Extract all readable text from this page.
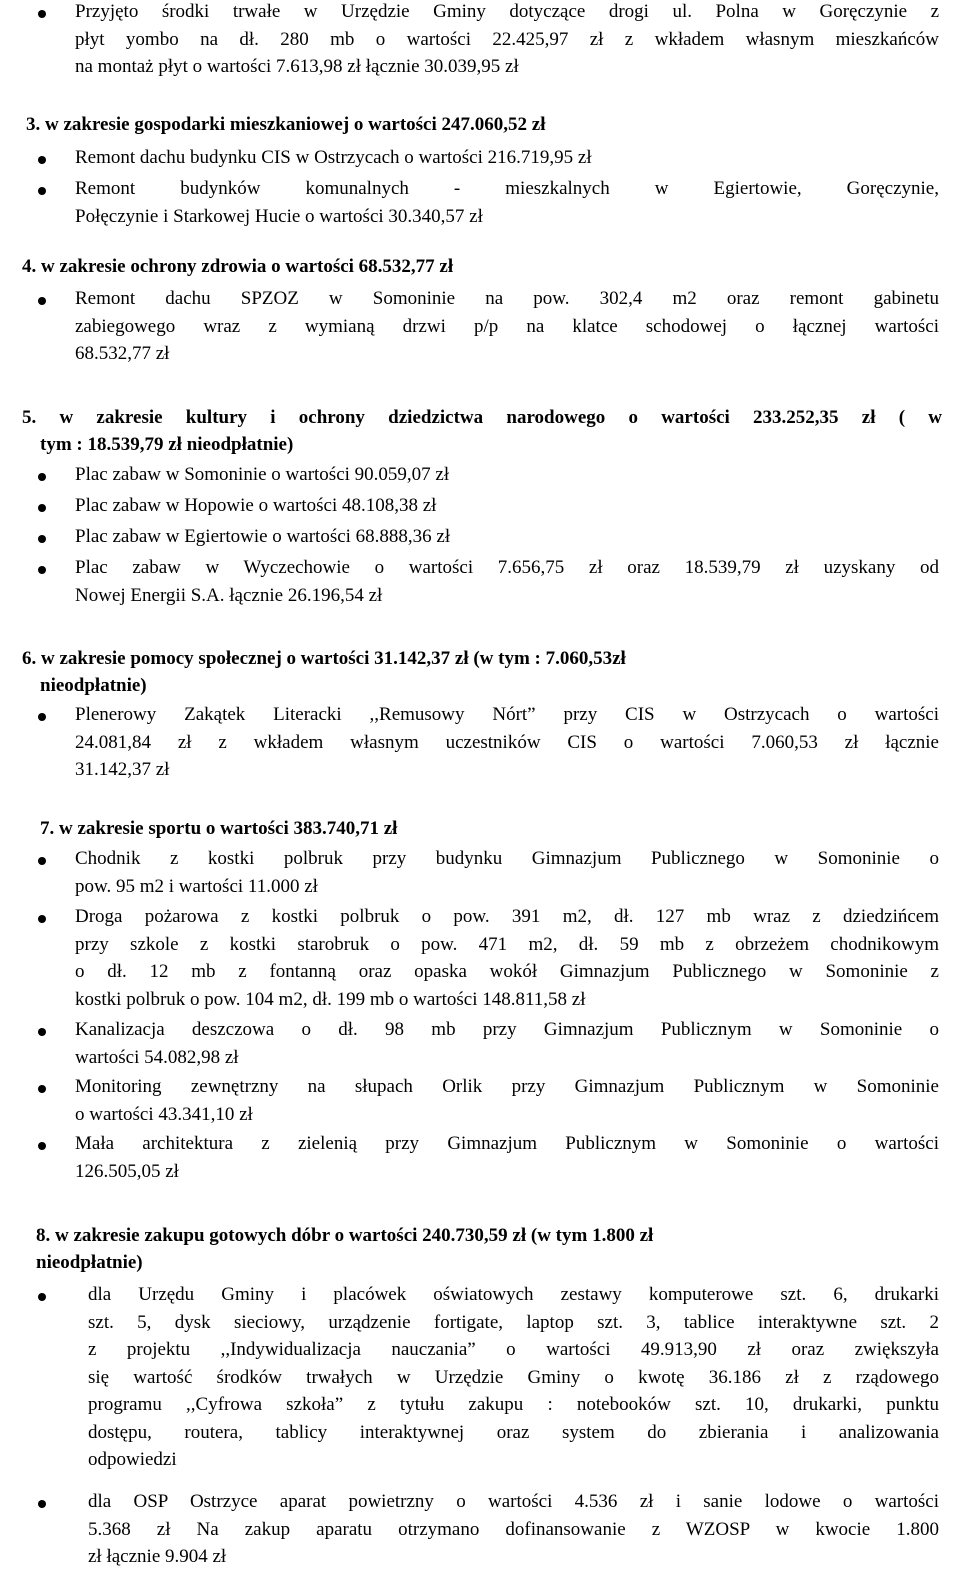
Przyjęto środki trwałe w Urzędzie Gminy dotyczące drogi ul. Polna w Goręczynie z
płyt yombo na dł. 280 mb o wartości 22.425,97 zł z wkładem własnym mieszkańców
na montaż płyt o wartości 7.613,98 zł łącznie 30.039,95 zł

3. w zakresie gospodarki mieszkaniowej o wartości 247.060,52 zł

Remont dachu budynku CIS w Ostrzycach o wartości 216.719,95 zł

Remont budynków komunalnych - mieszkalnych w Egiertowie, Goręczynie,
Połęczynie i Starkowej Hucie o wartości 30.340,57 zł

4. w zakresie ochrony zdrowia o wartości 68.532,77 zł

Remont dachu SPZOZ w Somoninie na pow. 302,4 m2 oraz remont gabinetu
zabiegowego wraz z wymianą drzwi p/p na klatce schodowej o łącznej wartości
68.532,77 zł

5. w zakresie kultury i ochrony dziedzictwa narodowego o wartości 233.252,35 zł ( w
tym : 18.539,79 zł nieodpłatnie)

Plac zabaw w Somoninie o wartości 90.059,07 zł

Plac zabaw w Hopowie o wartości 48.108,38 zł

Plac zabaw w Egiertowie o wartości 68.888,36 zł

Plac zabaw w Wyczechowie o wartości 7.656,75 zł oraz 18.539,79 zł uzyskany od
Nowej Energii S.A. łącznie 26.196,54 zł

6. w zakresie pomocy społecznej o wartości 31.142,37 zł (w tym : 7.060,53zł
nieodpłatnie)

Plenerowy Zakątek Literacki ,,Remusowy Nórt” przy CIS w Ostrzycach o wartości
24.081,84 zł z wkładem własnym uczestników CIS o wartości 7.060,53 zł łącznie
31.142,37 zł

7. w zakresie sportu o wartości 383.740,71 zł

Chodnik z kostki polbruk przy budynku Gimnazjum Publicznego w Somoninie o
pow. 95 m2 i wartości 11.000 zł

Droga pożarowa z kostki polbruk o pow. 391 m2, dł. 127 mb wraz z dziedzińcem
przy szkole z kostki starobruk o pow. 471 m2, dł. 59 mb z obrzeżem chodnikowym
o dł. 12 mb z fontanną oraz opaska wokół Gimnazjum Publicznego w Somoninie z
kostki polbruk o pow. 104 m2, dł. 199 mb o wartości 148.811,58 zł

Kanalizacja deszczowa o dł. 98 mb przy Gimnazjum Publicznym w Somoninie o
wartości 54.082,98 zł

Monitoring zewnętrzny na słupach Orlik przy Gimnazjum Publicznym w Somoninie
o wartości 43.341,10 zł

Mała architektura z zielenią przy Gimnazjum Publicznym w Somoninie o wartości
126.505,05 zł

8. w zakresie zakupu gotowych dóbr o wartości 240.730,59 zł (w tym 1.800 zł
nieodpłatnie)

dla Urzędu Gminy i placówek oświatowych zestawy komputerowe szt. 6, drukarki
szt. 5, dysk sieciowy, urządzenie fortigate, laptop szt. 3, tablice interaktywne szt. 2
z projektu ,,Indywidualizacja nauczania” o wartości 49.913,90 zł oraz zwiększyła
się wartość środków trwałych w Urzędzie Gminy o kwotę 36.186 zł z rządowego
programu ,,Cyfrowa szkoła” z tytułu zakupu : notebooków szt. 10, drukarki, punktu
dostępu, routera, tablicy interaktywnej oraz system do zbierania i analizowania
odpowiedzi

dla OSP Ostrzyce aparat powietrzny o wartości 4.536 zł i sanie lodowe o wartości
5.368 zł Na zakup aparatu otrzymano dofinansowanie z WZOSP w kwocie 1.800
zł łącznie 9.904 zł
